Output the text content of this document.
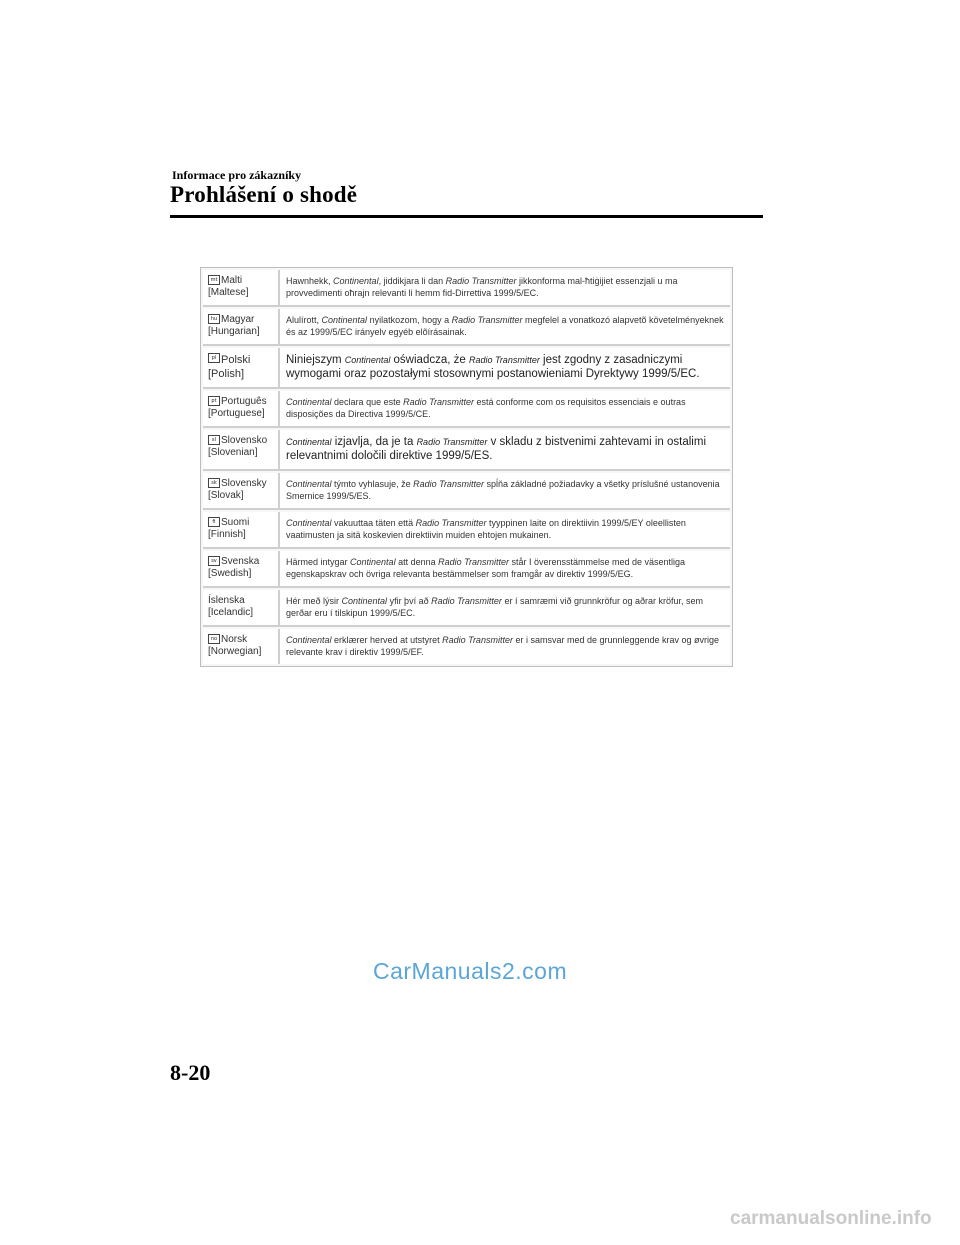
Informace pro zákazníky
Prohlášení o shodě
mt Malti
[Maltese]
Hawnhekk, Continental, jiddikjara li dan Radio Transmitter jikkonforma mal-ħtiġijiet essenzjali u ma provvedimenti oħrajn relevanti li hemm fid-Dirrettiva 1999/5/EC.
hu Magyar
[Hungarian]
Alulírott, Continental nyilatkozom, hogy a Radio Transmitter megfelel a vonatkozó alapvetõ követelményeknek és az 1999/5/EC irányelv egyéb elõírásainak.
pl Polski
[Polish]
Niniejszym Continental oświadcza, że Radio Transmitter jest zgodny z zasadniczymi wymogami oraz pozostałymi stosownymi postanowieniami Dyrektywy 1999/5/EC.
pt Português
[Portuguese]
Continental declara que este Radio Transmitter está conforme com os requisitos essenciais e outras disposições da Directiva 1999/5/CE.
sl Slovensko
[Slovenian]
Continental izjavlja, da je ta Radio Transmitter v skladu z bistvenimi zahtevami in ostalimi relevantnimi določili direktive 1999/5/ES.
sk Slovensky
[Slovak]
Continental týmto vyhlasuje, že Radio Transmitter spĺňa základné požiadavky a všetky príslušné ustanovenia Smernice 1999/5/ES.
fi Suomi
[Finnish]
Continental vakuuttaa täten että Radio Transmitter tyyppinen laite on direktiivin 1999/5/EY oleellisten vaatimusten ja sitä koskevien direktiivin muiden ehtojen mukainen.
sv Svenska
[Swedish]
Härmed intygar Continental att denna Radio Transmitter står I överensstämmelse med de väsentliga egenskapskrav och övriga relevanta bestämmelser som framgår av direktiv 1999/5/EG.
Íslenska
[Icelandic]
Hér með lýsir Continental yfir því að Radio Transmitter er í samræmi við grunnkröfur og aðrar kröfur, sem gerðar eru í tilskipun 1999/5/EC.
no Norsk
[Norwegian]
Continental erklærer herved at utstyret Radio Transmitter er i samsvar med de grunnleggende krav og øvrige relevante krav i direktiv 1999/5/EF.
CarManuals2.com
8-20
carmanualsonline.info
